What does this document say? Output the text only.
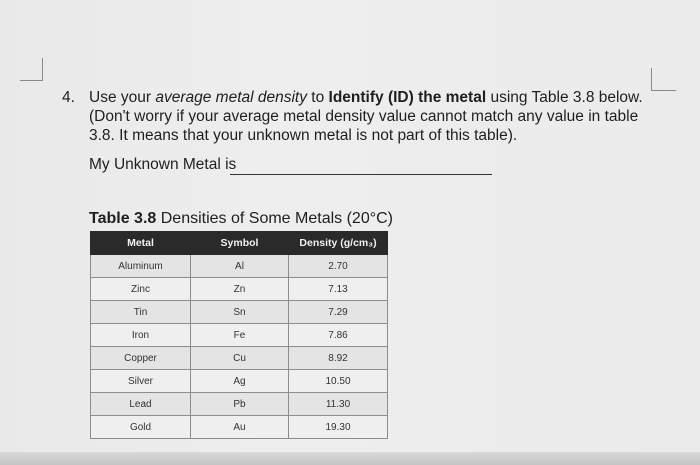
4. Use your average metal density to Identify (ID) the metal using Table 3.8 below.
(Don't worry if your average metal density value cannot match any value in table
3.8. It means that your unknown metal is not part of this table).
My Unknown Metal is
Table 3.8 Densities of Some Metals (20°C)
Metal	Symbol	Density (g/cm₃)
Aluminum	Al	2.70
Zinc	Zn	7.13
Tin	Sn	7.29
Iron	Fe	7.86
Copper	Cu	8.92
Silver	Ag	10.50
Lead	Pb	11.30
Gold	Au	19.30
